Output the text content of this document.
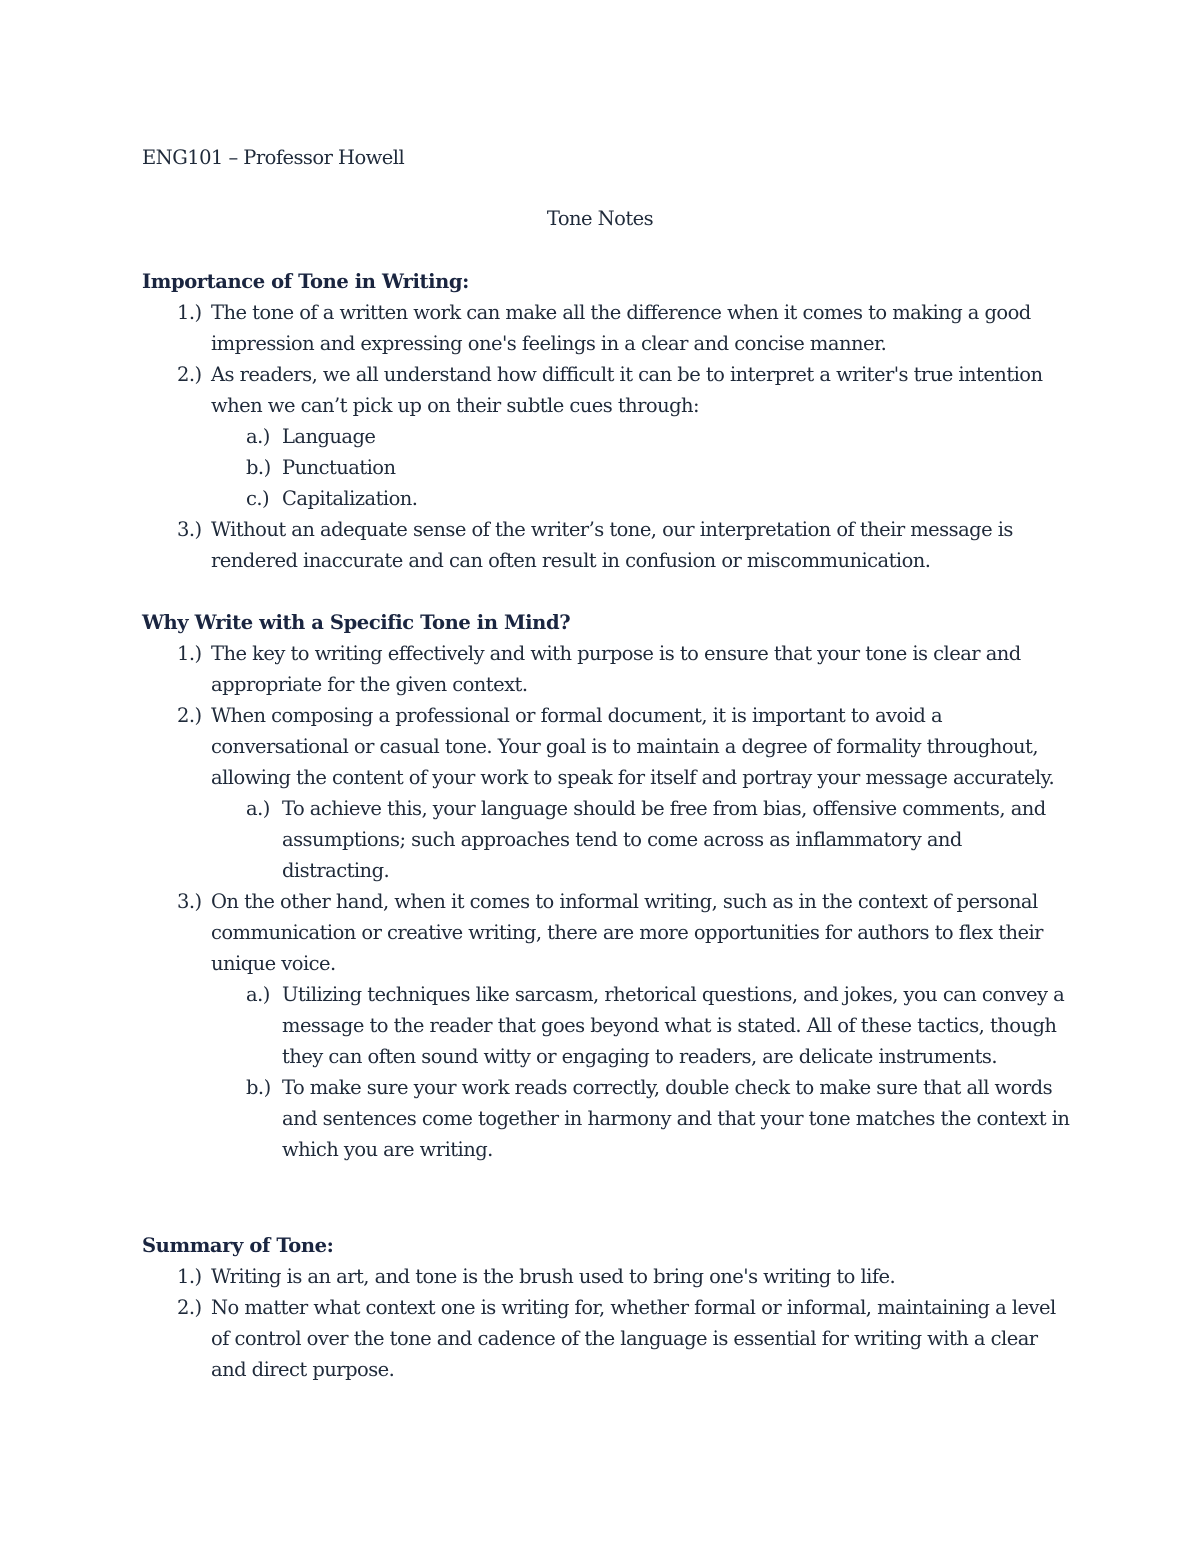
ENG101 – Professor Howell
Tone Notes
Importance of Tone in Writing:
1.) The tone of a written work can make all the difference when it comes to making a good impression and expressing one's feelings in a clear and concise manner.
2.) As readers, we all understand how difficult it can be to interpret a writer's true intention when we can’t pick up on their subtle cues through:
a.) Language
b.) Punctuation
c.) Capitalization.
3.) Without an adequate sense of the writer’s tone, our interpretation of their message is rendered inaccurate and can often result in confusion or miscommunication.
Why Write with a Specific Tone in Mind?
1.) The key to writing effectively and with purpose is to ensure that your tone is clear and appropriate for the given context.
2.) When composing a professional or formal document, it is important to avoid a conversational or casual tone. Your goal is to maintain a degree of formality throughout, allowing the content of your work to speak for itself and portray your message accurately.
a.) To achieve this, your language should be free from bias, offensive comments, and assumptions; such approaches tend to come across as inflammatory and distracting.
3.) On the other hand, when it comes to informal writing, such as in the context of personal communication or creative writing, there are more opportunities for authors to flex their unique voice.
a.) Utilizing techniques like sarcasm, rhetorical questions, and jokes, you can convey a message to the reader that goes beyond what is stated. All of these tactics, though they can often sound witty or engaging to readers, are delicate instruments.
b.) To make sure your work reads correctly, double check to make sure that all words and sentences come together in harmony and that your tone matches the context in which you are writing.
Summary of Tone:
1.) Writing is an art, and tone is the brush used to bring one's writing to life.
2.) No matter what context one is writing for, whether formal or informal, maintaining a level of control over the tone and cadence of the language is essential for writing with a clear and direct purpose.
